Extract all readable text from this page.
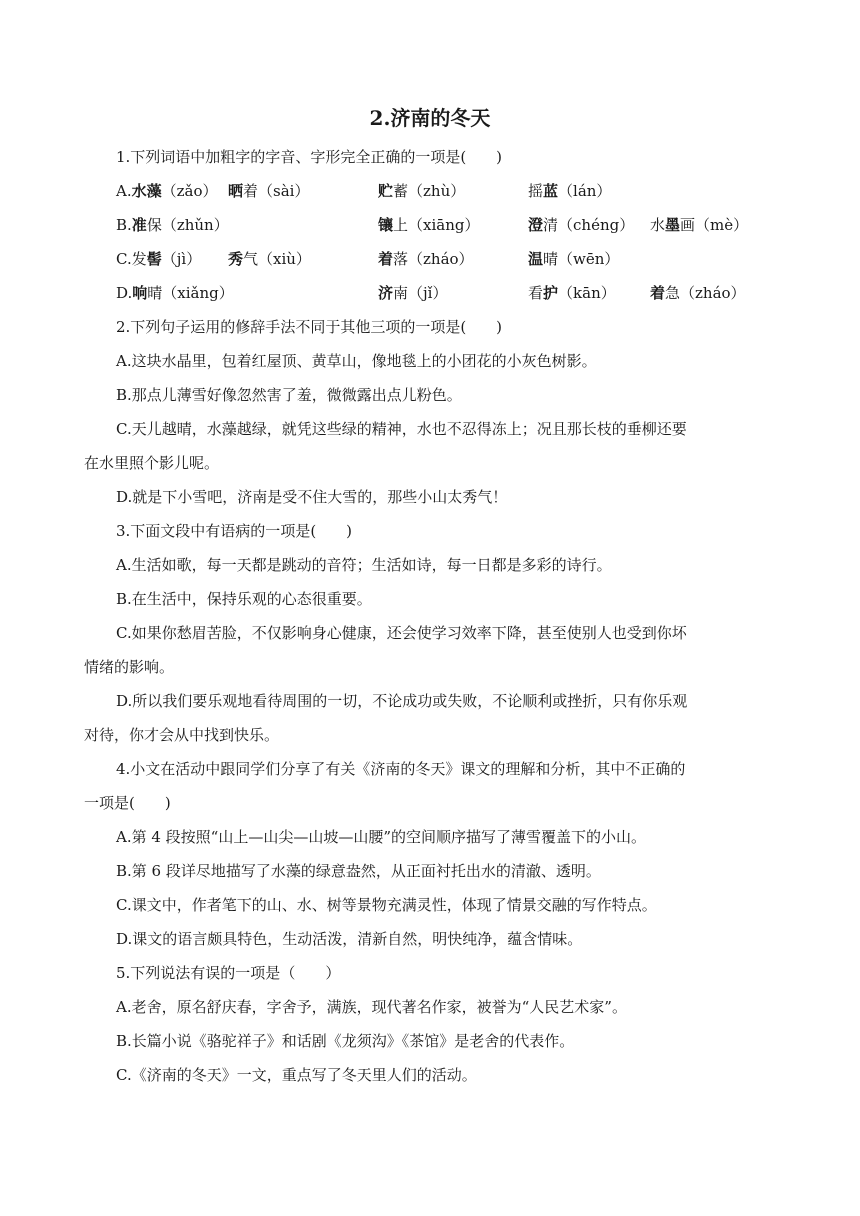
2.济南的冬天
1.下列词语中加粗字的字音、字形完全正确的一项是(　　)
A.水藻（zǎo） 晒着（sài）	贮蓄（zhù）	摇蓝（lán）
B.准保（zhǔn）	镶上（xiāng）	澄清（chéng） 水墨画（mè）
C.发髻（jì） 秀气（xiù）	着落（zháo）	温晴（wēn）
D.响晴（xiǎng）	济南（jǐ）	看护（kān） 着急（zháo）
2.下列句子运用的修辞手法不同于其他三项的一项是(　　)
A.这块水晶里，包着红屋顶、黄草山，像地毯上的小团花的小灰色树影。
B.那点儿薄雪好像忽然害了羞，微微露出点儿粉色。
C.天儿越晴，水藻越绿，就凭这些绿的精神，水也不忍得冻上；况且那长枝的垂柳还要
在水里照个影儿呢。
D.就是下小雪吧，济南是受不住大雪的，那些小山太秀气！
3.下面文段中有语病的一项是(　　)
A.生活如歌，每一天都是跳动的音符；生活如诗，每一日都是多彩的诗行。
B.在生活中，保持乐观的心态很重要。
C.如果你愁眉苦脸，不仅影响身心健康，还会使学习效率下降，甚至使别人也受到你坏
情绪的影响。
D.所以我们要乐观地看待周围的一切，不论成功或失败，不论顺利或挫折，只有你乐观
对待，你才会从中找到快乐。
4.小文在活动中跟同学们分享了有关《济南的冬天》课文的理解和分析，其中不正确的
一项是(　　)
A.第 4 段按照“山上—山尖—山坡—山腰”的空间顺序描写了薄雪覆盖下的小山。
B.第 6 段详尽地描写了水藻的绿意盎然，从正面衬托出水的清澈、透明。
C.课文中，作者笔下的山、水、树等景物充满灵性，体现了情景交融的写作特点。
D.课文的语言颇具特色，生动活泼，清新自然，明快纯净，蕴含情味。
5.下列说法有误的一项是（　　）
A.老舍，原名舒庆春，字舍予，满族，现代著名作家，被誉为“人民艺术家”。
B.长篇小说《骆驼祥子》和话剧《龙须沟》《茶馆》是老舍的代表作。
C.《济南的冬天》一文，重点写了冬天里人们的活动。
